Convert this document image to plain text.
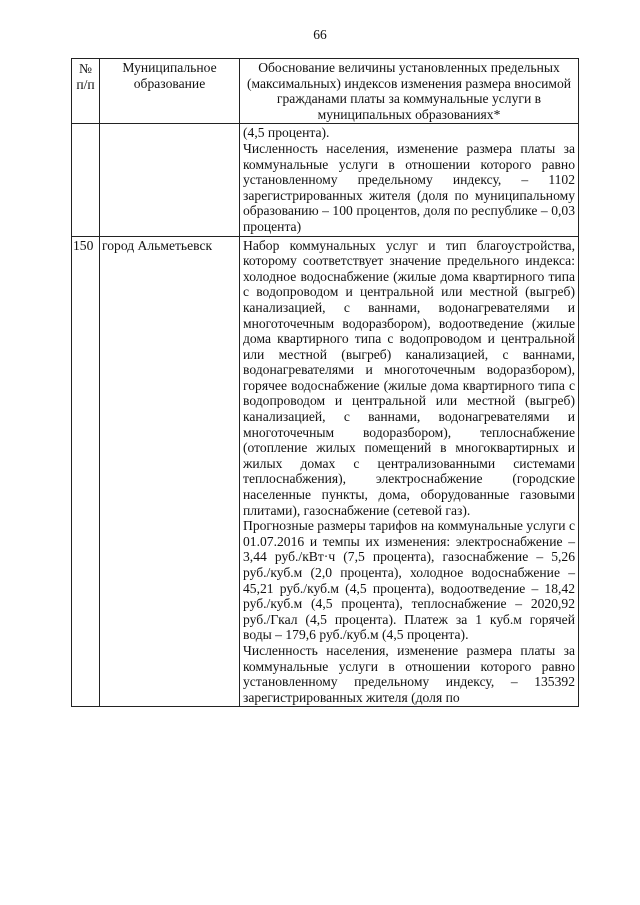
66
№ п/п	Муниципальное образование	Обоснование величины установленных предельных (максимальных) индексов изменения размера вносимой гражданами платы за коммунальные услуги в муниципальных образованиях*

		(4,5 процента).

Численность населения, изменение размера платы за коммунальные услуги в отношении которого равно установленному предельному индексу, – 1102 зарегистрированных жителя (доля по муниципальному образованию – 100 процентов, доля по республике – 0,03 процента)

150	город Альметьевск	Набор коммунальных услуг и тип благоустройства, которому соответствует значение предельного индекса: холодное водоснабжение (жилые дома квартирного типа с водопроводом и центральной или местной (выгреб) канализацией, с ваннами, водонагревателями и многоточечным водоразбором), водоотведение (жилые дома квартирного типа с водопроводом и центральной или местной (выгреб) канализацией, с ваннами, водонагревателями и многоточечным водоразбором), горячее водоснабжение (жилые дома квартирного типа с водопроводом и центральной или местной (выгреб) канализацией, с ваннами, водонагревателями и многоточечным водоразбором), теплоснабжение (отопление жилых помещений в многоквартирных и жилых домах с централизованными системами теплоснабжения), электроснабжение (городские населенные пункты, дома, оборудованные газовыми плитами), газоснабжение (сетевой газ).

Прогнозные размеры тарифов на коммунальные услуги с 01.07.2016 и темпы их изменения: электроснабжение – 3,44 руб./кВт·ч (7,5 процента), газоснабжение – 5,26 руб./куб.м (2,0 процента), холодное водоснабжение – 45,21 руб./куб.м (4,5 процента), водоотведение – 18,42 руб./куб.м (4,5 процента), теплоснабжение – 2020,92 руб./Гкал (4,5 процента). Платеж за 1 куб.м горячей воды – 179,6 руб./куб.м (4,5 процента).

Численность населения, изменение размера платы за коммунальные услуги в отношении которого равно установленному предельному индексу, – 135392 зарегистрированных жителя (доля по
